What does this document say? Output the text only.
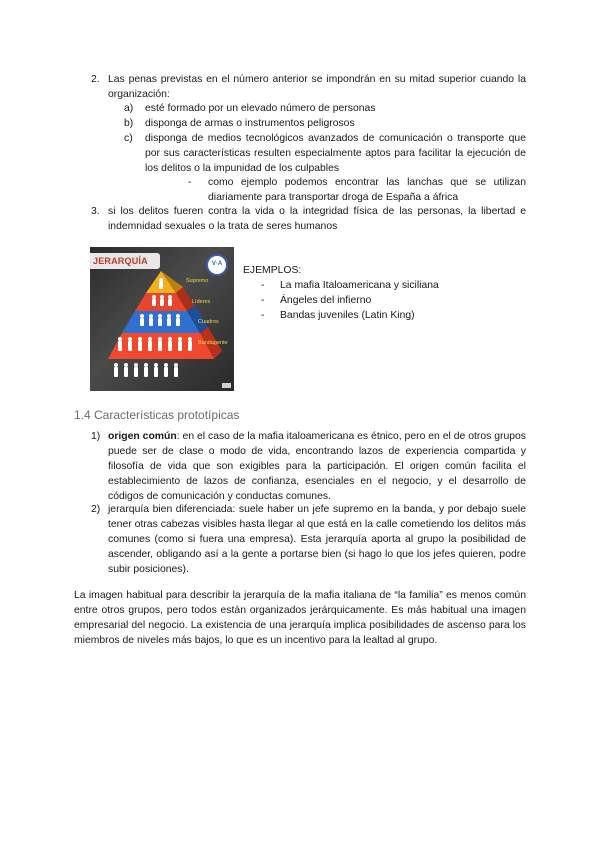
2. Las penas previstas en el número anterior se impondrán en su mitad superior cuando la organización:
a) esté formado por un elevado número de personas
b) disponga de armas o instrumentos peligrosos
c) disponga de medios tecnológicos avanzados de comunicación o transporte que por sus características resulten especialmente aptos para facilitar la ejecución de los delitos o la impunidad de los culpables
- como ejemplo podemos encontrar las lanchas que se utilizan diariamente para transportar droga de España a áfrica
3. si los delitos fueren contra la vida o la integridad física de las personas, la libertad e indemnidad sexuales o la trata de seres humanos
JERARQUÍA	V·A
Supremo
Líderes
Cuadros
Bandagente
EJEMPLOS:
- La mafia Italoamericana y siciliana
- Ángeles del infierno
- Bandas juveniles (Latin King)
1.4 Características prototípicas
1) origen común: en el caso de la mafia italoamericana es étnico, pero en el de otros grupos puede ser de clase o modo de vida, encontrando lazos de experiencia compartida y filosofía de vida que son exigibles para la participación. El origen común facilita el establecimiento de lazos de confianza, esenciales en el negocio, y el desarrollo de códigos de comunicación y conductas comunes.
2) jerarquía bien diferenciada: suele haber un jefe supremo en la banda, y por debajo suele tener otras cabezas visibles hasta llegar al que está en la calle cometiendo los delitos más comunes (como si fuera una empresa). Esta jerarquía aporta al grupo la posibilidad de ascender, obligando así a la gente a portarse bien (si hago lo que los jefes quieren, podre subir posiciones).
La imagen habitual para describir la jerarquía de la mafia italiana de “la familia” es menos común entre otros grupos, pero todos están organizados jerárquicamente. Es más habitual una imagen empresarial del negocio. La existencia de una jerarquía implica posibilidades de ascenso para los miembros de niveles más bajos, lo que es un incentivo para la lealtad al grupo.
